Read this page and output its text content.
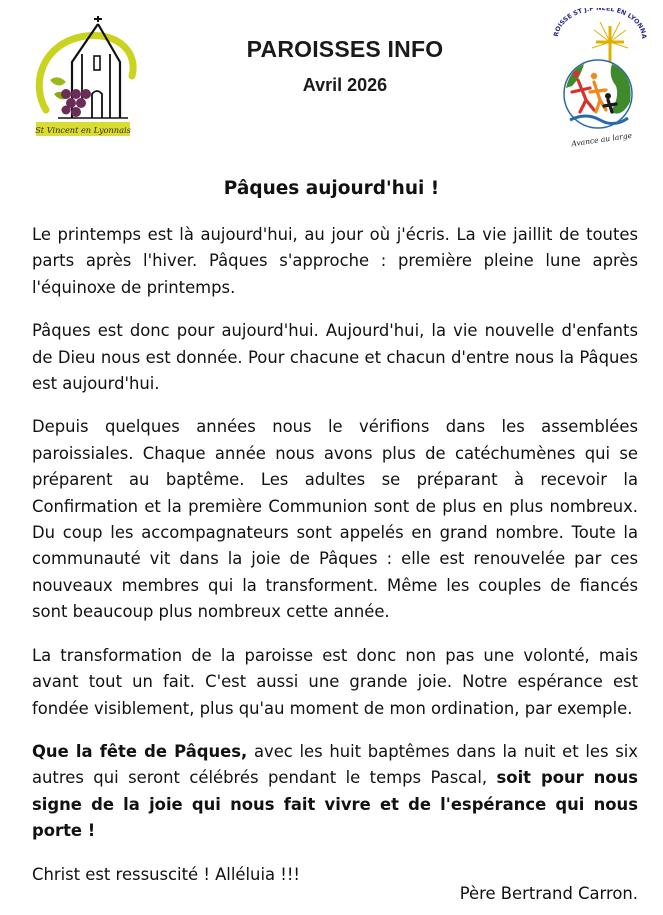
St Vincent en Lyonnais
PAROISSES INFO
Avril 2026
ROISSE ST J.P NEEL EN LYONNA
Avance au large
Pâques aujourd'hui !

Le printemps est là aujourd'hui, au jour où j'écris. La vie jaillit de toutes parts après l'hiver. Pâques s'approche : première pleine lune après l'équinoxe de printemps.

Pâques est donc pour aujourd'hui. Aujourd'hui, la vie nouvelle d'enfants de Dieu nous est donnée. Pour chacune et chacun d'entre nous la Pâques est aujourd'hui.

Depuis quelques années nous le vérifions dans les assemblées paroissiales. Chaque année nous avons plus de catéchumènes qui se préparent au baptême. Les adultes se préparant à recevoir la Confirmation et la première Communion sont de plus en plus nombreux. Du coup les accompagnateurs sont appelés en grand nombre. Toute la communauté vit dans la joie de Pâques : elle est renouvelée par ces nouveaux membres qui la transforment. Même les couples de fiancés sont beaucoup plus nombreux cette année.

La transformation de la paroisse est donc non pas une volonté, mais avant tout un fait. C'est aussi une grande joie. Notre espérance est fondée visiblement, plus qu'au moment de mon ordination, par exemple.

Que la fête de Pâques, avec les huit baptêmes dans la nuit et les six autres qui seront célébrés pendant le temps Pascal, soit pour nous signe de la joie qui nous fait vivre et de l'espérance qui nous porte !

Christ est ressuscité ! Alléluia !!!

Père Bertrand Carron.
